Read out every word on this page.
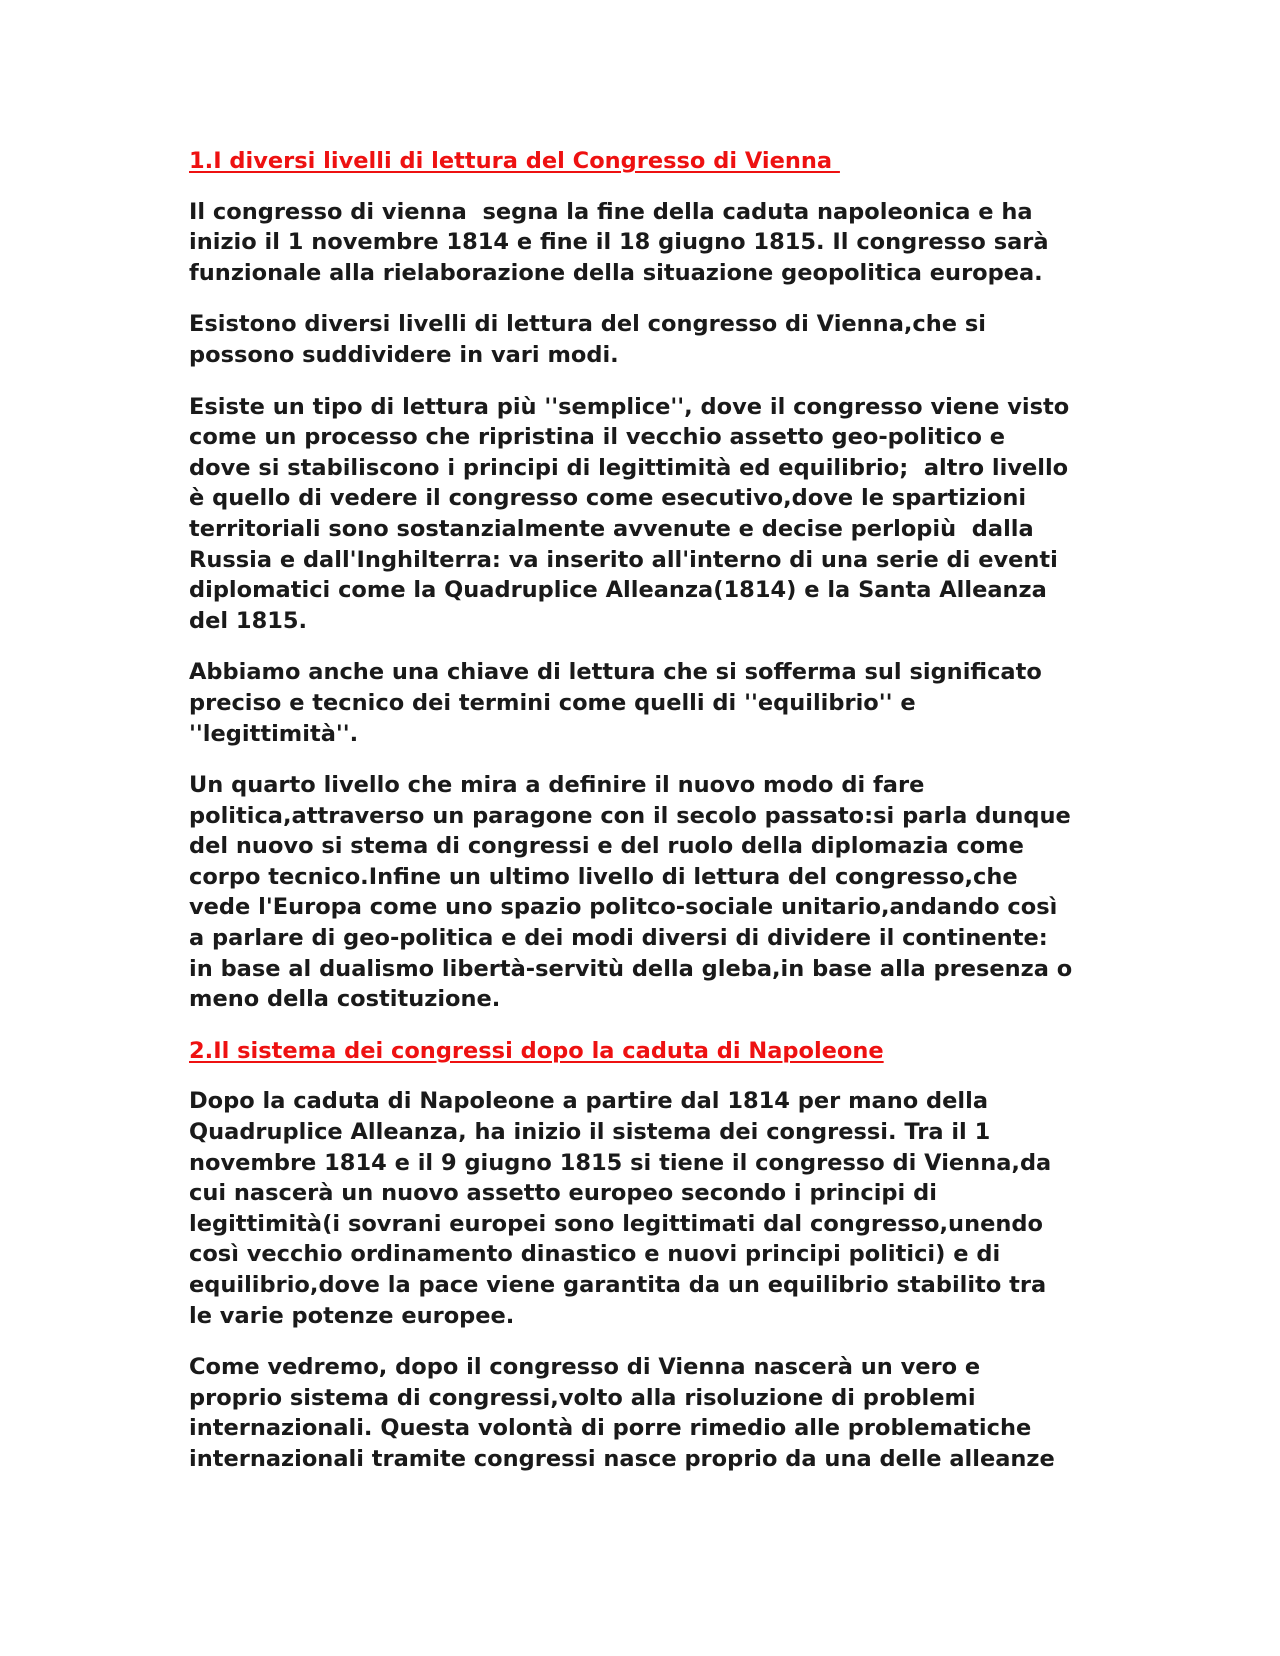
1.I diversi livelli di lettura del Congresso di Vienna
Il congresso di vienna  segna la fine della caduta napoleonica e ha
inizio il 1 novembre 1814 e fine il 18 giugno 1815. Il congresso sarà
funzionale alla rielaborazione della situazione geopolitica europea.
Esistono diversi livelli di lettura del congresso di Vienna,che si
possono suddividere in vari modi.
Esiste un tipo di lettura più ''semplice'', dove il congresso viene visto
come un processo che ripristina il vecchio assetto geo-politico e
dove si stabiliscono i principi di legittimità ed equilibrio;  altro livello
è quello di vedere il congresso come esecutivo,dove le spartizioni
territoriali sono sostanzialmente avvenute e decise perlopiù  dalla
Russia e dall'Inghilterra: va inserito all'interno di una serie di eventi
diplomatici come la Quadruplice Alleanza(1814) e la Santa Alleanza
del 1815.
Abbiamo anche una chiave di lettura che si sofferma sul significato
preciso e tecnico dei termini come quelli di ''equilibrio'' e
''legittimità''.
Un quarto livello che mira a definire il nuovo modo di fare
politica,attraverso un paragone con il secolo passato:si parla dunque
del nuovo si stema di congressi e del ruolo della diplomazia come
corpo tecnico.Infine un ultimo livello di lettura del congresso,che
vede l'Europa come uno spazio politco-sociale unitario,andando così
a parlare di geo-politica e dei modi diversi di dividere il continente:
in base al dualismo libertà-servitù della gleba,in base alla presenza o
meno della costituzione.
2.Il sistema dei congressi dopo la caduta di Napoleone
Dopo la caduta di Napoleone a partire dal 1814 per mano della
Quadruplice Alleanza, ha inizio il sistema dei congressi. Tra il 1
novembre 1814 e il 9 giugno 1815 si tiene il congresso di Vienna,da
cui nascerà un nuovo assetto europeo secondo i principi di
legittimità(i sovrani europei sono legittimati dal congresso,unendo
così vecchio ordinamento dinastico e nuovi principi politici) e di
equilibrio,dove la pace viene garantita da un equilibrio stabilito tra
le varie potenze europee.
Come vedremo, dopo il congresso di Vienna nascerà un vero e
proprio sistema di congressi,volto alla risoluzione di problemi
internazionali. Questa volontà di porre rimedio alle problematiche
internazionali tramite congressi nasce proprio da una delle alleanze
